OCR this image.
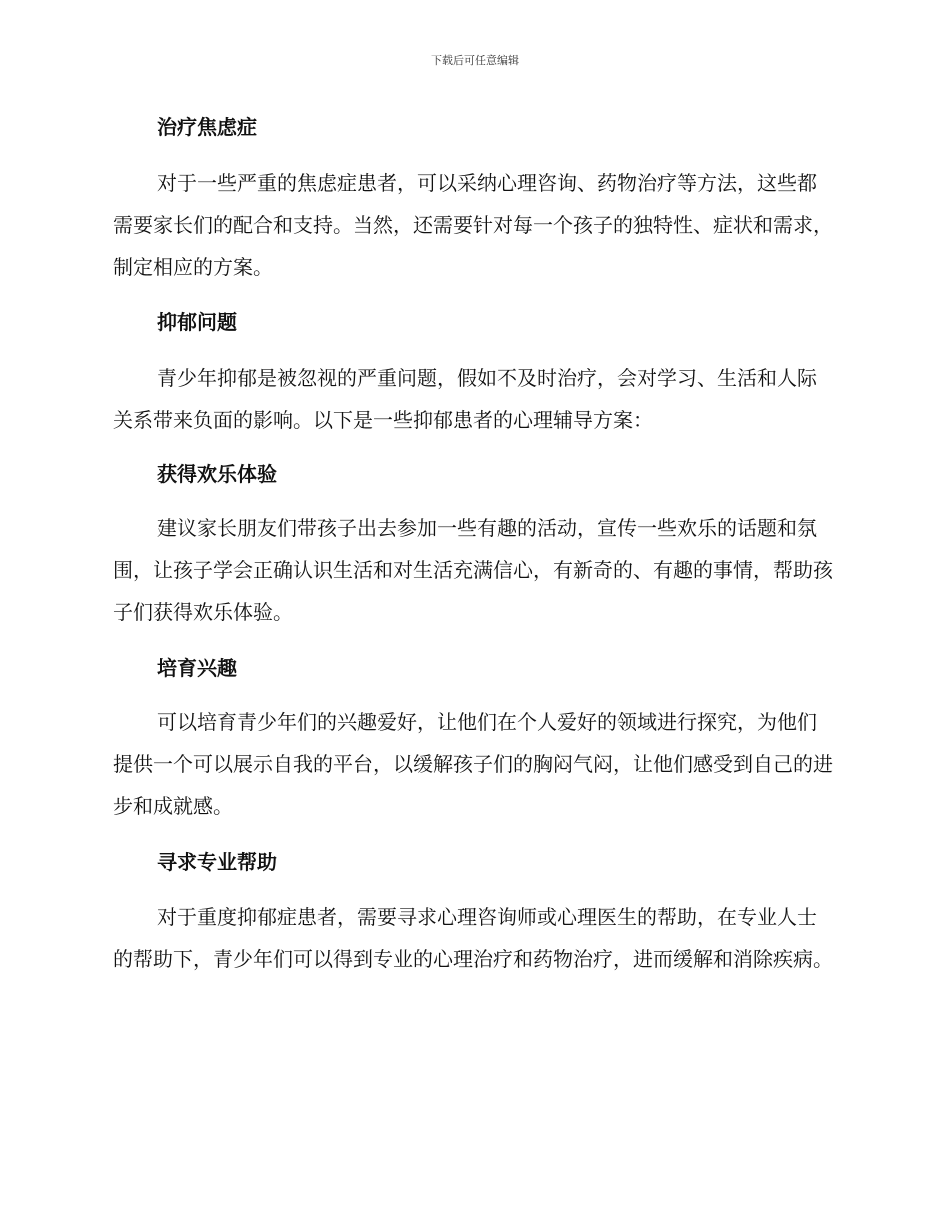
下载后可任意编辑
治疗焦虑症
对于一些严重的焦虑症患者，可以采纳心理咨询、药物治疗等方法，这些都需要家长们的配合和支持。当然，还需要针对每一个孩子的独特性、症状和需求，制定相应的方案。
抑郁问题
青少年抑郁是被忽视的严重问题，假如不及时治疗，会对学习、生活和人际关系带来负面的影响。以下是一些抑郁患者的心理辅导方案：
获得欢乐体验
建议家长朋友们带孩子出去参加一些有趣的活动，宣传一些欢乐的话题和氛围，让孩子学会正确认识生活和对生活充满信心，有新奇的、有趣的事情，帮助孩子们获得欢乐体验。
培育兴趣
可以培育青少年们的兴趣爱好，让他们在个人爱好的领域进行探究，为他们提供一个可以展示自我的平台，以缓解孩子们的胸闷气闷，让他们感受到自己的进步和成就感。
寻求专业帮助
对于重度抑郁症患者，需要寻求心理咨询师或心理医生的帮助，在专业人士的帮助下，青少年们可以得到专业的心理治疗和药物治疗，进而缓解和消除疾病。
